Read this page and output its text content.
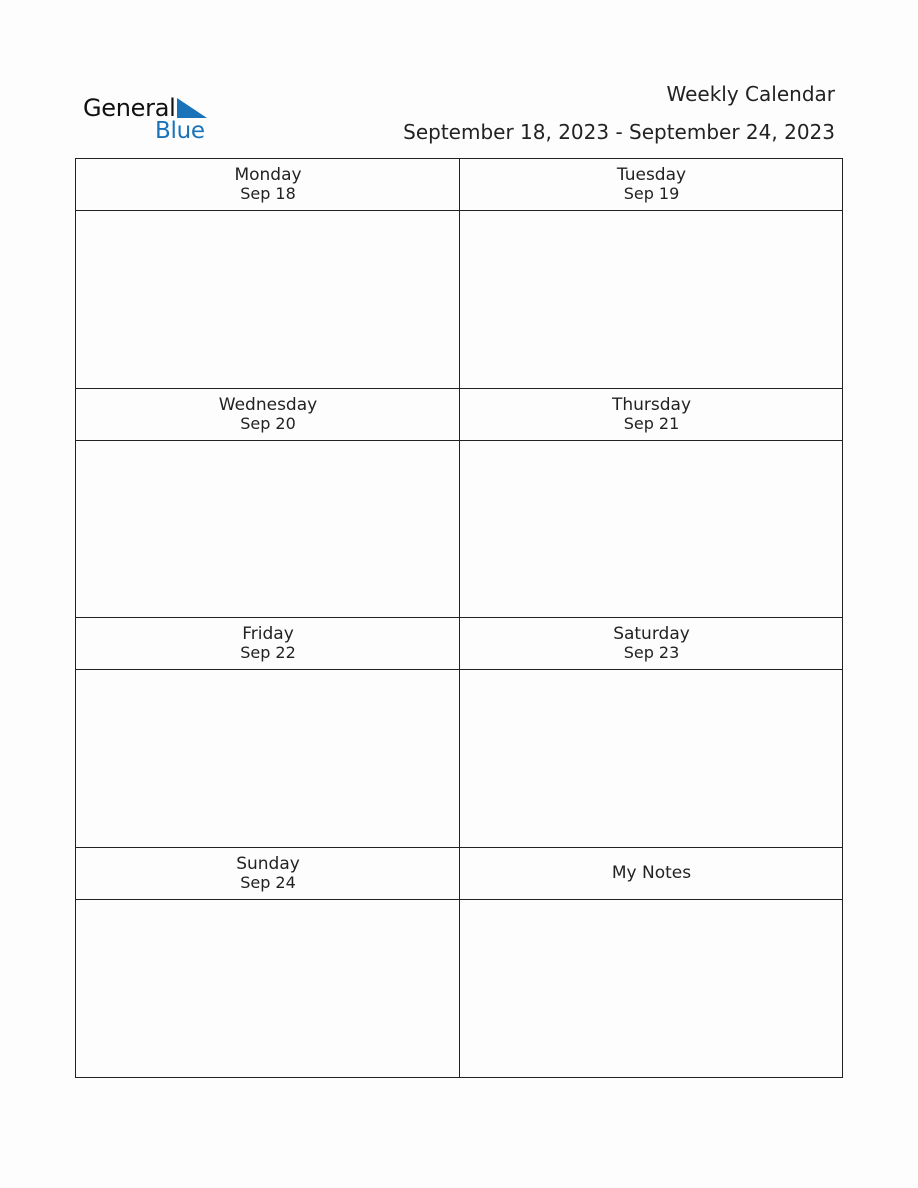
General
Blue
Weekly Calendar
September 18, 2023 - September 24, 2023
Monday
Sep 18
Tuesday
Sep 19
Wednesday
Sep 20
Thursday
Sep 21
Friday
Sep 22
Saturday
Sep 23
Sunday
Sep 24	My Notes
